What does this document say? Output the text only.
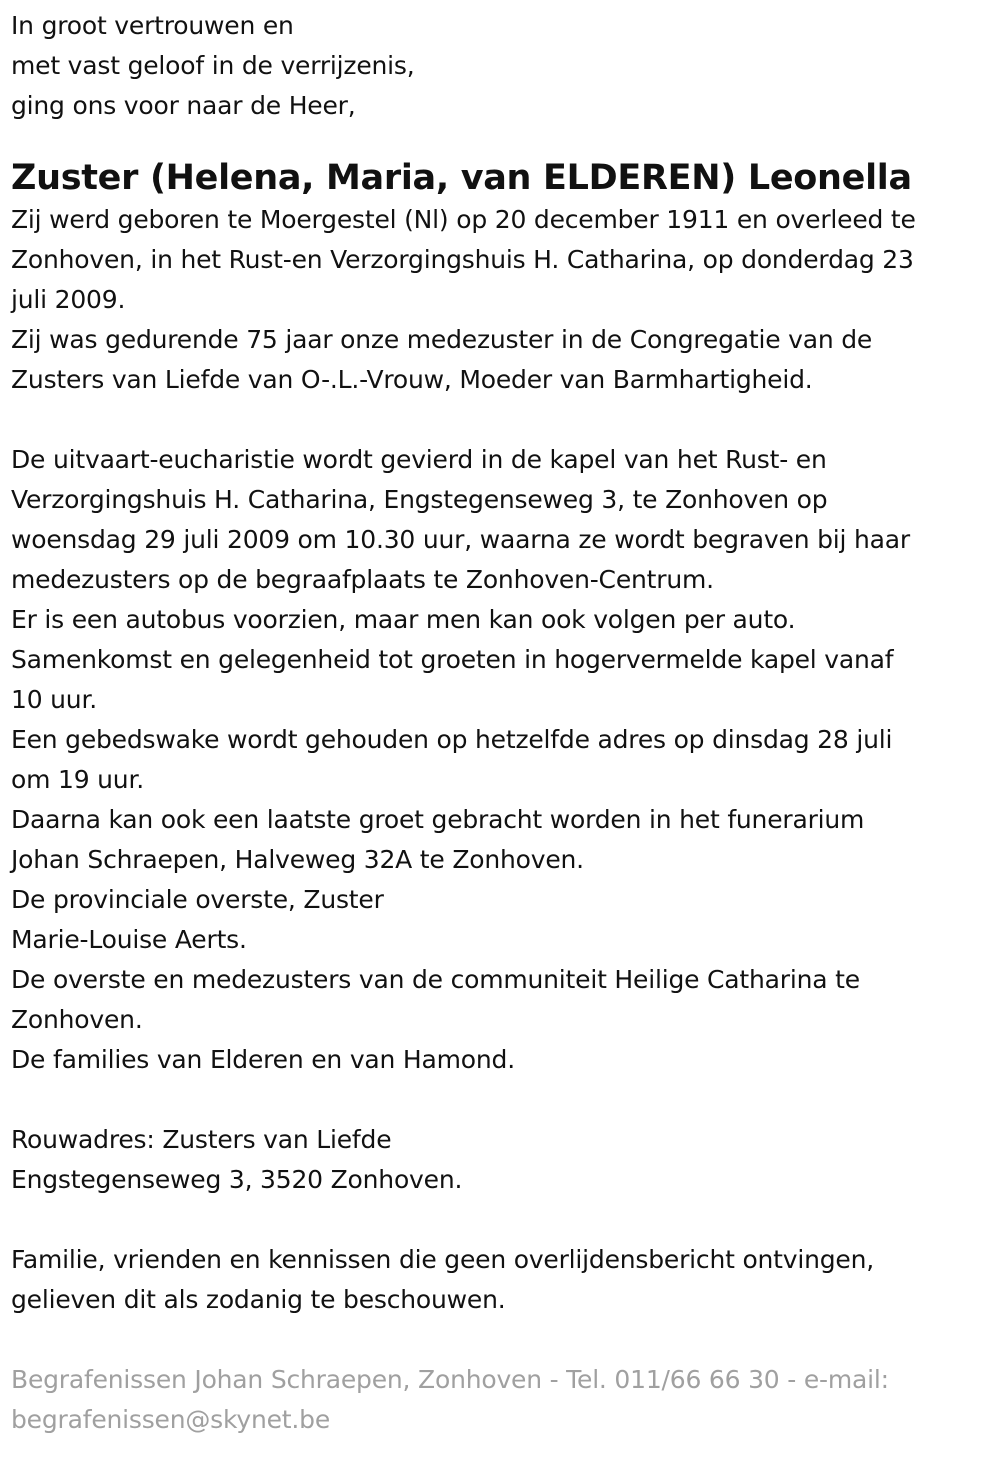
In groot vertrouwen en
met vast geloof in de verrijzenis,
ging ons voor naar de Heer,
Zuster (Helena, Maria, van ELDEREN) Leonella
Zij werd geboren te Moergestel (Nl) op 20 december 1911 en overleed te
Zonhoven, in het Rust-en Verzorgingshuis H. Catharina, op donderdag 23
juli 2009.
Zij was gedurende 75 jaar onze medezuster in de Congregatie van de
Zusters van Liefde van O-.L.-Vrouw, Moeder van Barmhartigheid.
De uitvaart-eucharistie wordt gevierd in de kapel van het Rust- en
Verzorgingshuis H. Catharina, Engstegenseweg 3, te Zonhoven op
woensdag 29 juli 2009 om 10.30 uur, waarna ze wordt begraven bij haar
medezusters op de begraafplaats te Zonhoven-Centrum.
Er is een autobus voorzien, maar men kan ook volgen per auto.
Samenkomst en gelegenheid tot groeten in hogervermelde kapel vanaf
10 uur.
Een gebedswake wordt gehouden op hetzelfde adres op dinsdag 28 juli
om 19 uur.
Daarna kan ook een laatste groet gebracht worden in het funerarium
Johan Schraepen, Halveweg 32A te Zonhoven.
De provinciale overste, Zuster
Marie-Louise Aerts.
De overste en medezusters van de communiteit Heilige Catharina te
Zonhoven.
De families van Elderen en van Hamond.
Rouwadres: Zusters van Liefde
Engstegenseweg 3, 3520 Zonhoven.
Familie, vrienden en kennissen die geen overlijdensbericht ontvingen,
gelieven dit als zodanig te beschouwen.
Begrafenissen Johan Schraepen, Zonhoven - Tel. 011/66 66 30 - e-mail:
begrafenissen@skynet.be
